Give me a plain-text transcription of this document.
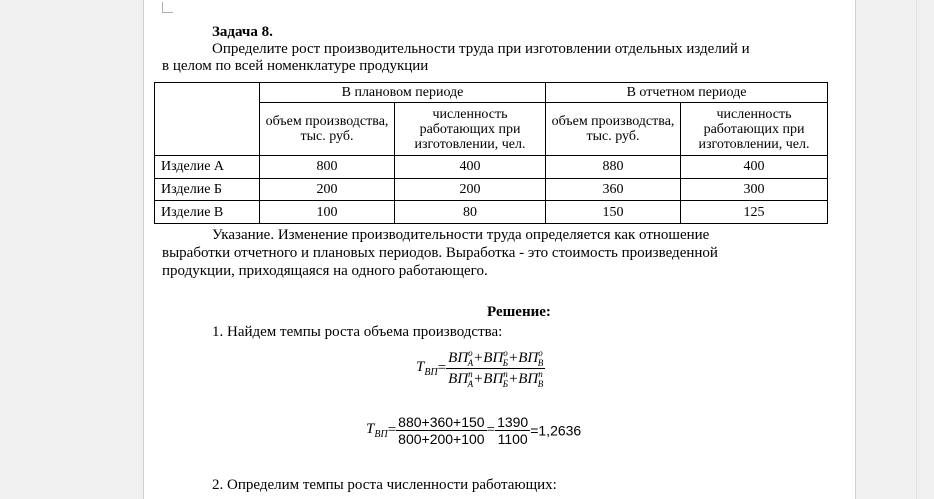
Задача 8.
Определите рост производительности труда при изготовлении отдельных изделий и
в целом по всей номенклатуре продукции
	В плановом периоде		В отчетном периоде	
	объем производства, тыс. руб.	численность работающих при изготовлении, чел.	объем производства, тыс. руб.	численность работающих при изготовлении, чел.
Изделие А	800	400	880	400
Изделие Б	200	200	360	300
Изделие В	100	80	150	125
Указание. Изменение производительности труда определяется как отношение
выработки отчетного и плановых периодов. Выработка - это стоимость произведенной
продукции, приходящаяся на одного работающего.
Решение:
1. Найдем темпы роста объема производства:
$T_{ВП}= \frac{ВП^о_A+ВП^о_Б+ВП^о_В}{ВП^п_A+ВП^п_Б+ВП^п_В}$
$T_{ВП}= \frac{880+360+150}{800+200+100} = \frac{1390}{1100} =1,2636$
2. Определим темпы роста численности работающих:
